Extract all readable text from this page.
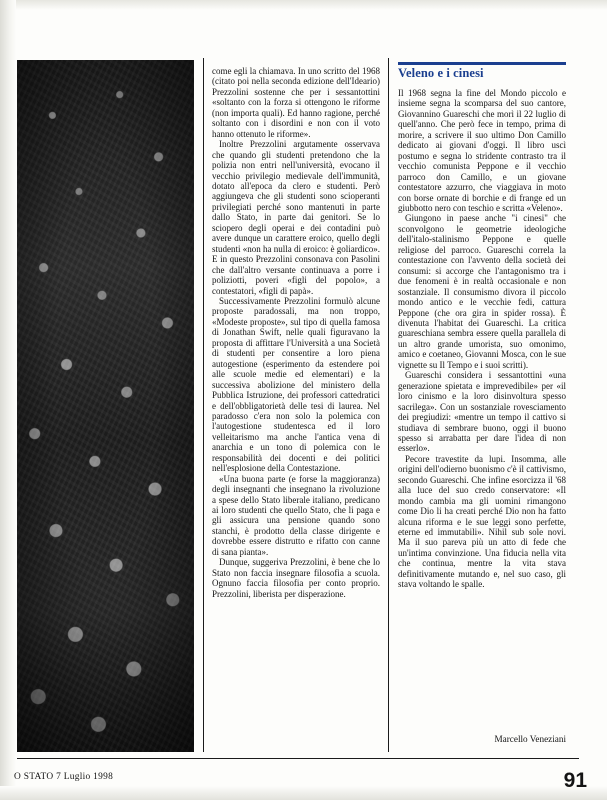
come egli la chiamava. In uno scritto del 1968 (citato poi nella seconda edizione dell'Ideario) Prezzolini sostenne che per i sessantottini «soltanto con la forza si ottengono le riforme (non importa quali). Ed hanno ragione, perché soltanto con i disordini e non con il voto hanno ottenuto le riforme».

Inoltre Prezzolini argutamente osservava che quando gli studenti pretendono che la polizia non entri nell'università, evocano il vecchio privilegio medievale dell'immunità, dotato all'epoca da clero e studenti. Però aggiungeva che gli studenti sono scioperanti privilegiati perché sono mantenuti in parte dallo Stato, in parte dai genitori. Se lo sciopero degli operai e dei contadini può avere dunque un carattere eroico, quello degli studenti «non ha nulla di eroico: è goliardico». E in questo Prezzolini consonava con Pasolini che dall'altro versante continuava a porre i poliziotti, poveri «figli del popolo», a contestatori, «figli di papà».

Successivamente Prezzolini formulò alcune proposte paradossali, ma non troppo, «Modeste proposte», sul tipo di quella famosa di Jonathan Swift, nelle quali figuravano la proposta di affittare l'Università a una Società di studenti per consentire a loro piena autogestione (esperimento da estendere poi alle scuole medie ed elementari) e la successiva abolizione del ministero della Pubblica Istruzione, dei professori cattedratici e dell'obbligatorietà delle tesi di laurea. Nel paradosso c'era non solo la polemica con l'autogestione studentesca ed il loro velleitarismo ma anche l'antica vena di anarchia e un tono di polemica con le responsabilità dei docenti e dei politici nell'esplosione della Contestazione.

«Una buona parte (e forse la maggioranza) degli insegnanti che insegnano la rivoluzione a spese dello Stato liberale italiano, predicano ai loro studenti che quello Stato, che li paga e gli assicura una pensione quando sono stanchi, è prodotto della classe dirigente e dovrebbe essere distrutto e rifatto con canne di sana pianta».

Dunque, suggeriva Prezzolini, è bene che lo Stato non faccia insegnare filosofia a scuola. Ognuno faccia filosofia per conto proprio. Prezzolini, liberista per disperazione.

Veleno e i cinesi

Il 1968 segna la fine del Mondo piccolo e insieme segna la scomparsa del suo cantore, Giovannino Guareschi che morì il 22 luglio di quell'anno. Che però fece in tempo, prima di morire, a scrivere il suo ultimo Don Camillo dedicato ai giovani d'oggi. Il libro uscì postumo e segna lo stridente contrasto tra il vecchio comunista Peppone e il vecchio parroco don Camillo, e un giovane contestatore azzurro, che viaggiava in moto con borse ornate di borchie e di frange ed un giubbotto nero con teschio e scritta «Veleno».

Giungono in paese anche "i cinesi" che sconvolgono le geometrie ideologiche dell'italo-stalinismo Peppone e quelle religiose del parroco. Guareschi correla la contestazione con l'avvento della società dei consumi: si accorge che l'antagonismo tra i due fenomeni è in realtà occasionale e non sostanziale. Il consumismo divora il piccolo mondo antico e le vecchie fedi, cattura Peppone (che ora gira in spider rossa). È divenuta l'habitat dei Guareschi. La critica guareschiana sembra essere quella parallela di un altro grande umorista, suo omonimo, amico e coetaneo, Giovanni Mosca, con le sue vignette su Il Tempo e i suoi scritti).

Guareschi considera i sessantottini «una generazione spietata e imprevedibile» per «il loro cinismo e la loro disinvoltura spesso sacrilega». Con un sostanziale rovesciamento dei pregiudizi: «mentre un tempo il cattivo si studiava di sembrare buono, oggi il buono spesso si arrabatta per dare l'idea di non esserlo».

Pecore travestite da lupi. Insomma, alle origini dell'odierno buonismo c'è il cattivismo, secondo Guareschi. Che infine esorcizza il '68 alla luce del suo credo conservatore: «Il mondo cambia ma gli uomini rimangono come Dio li ha creati perché Dio non ha fatto alcuna riforma e le sue leggi sono perfette, eterne ed immutabili». Nihil sub sole novi. Ma il suo pareva più un atto di fede che un'intima convinzione. Una fiducia nella vita che continua, mentre la vita stava definitivamente mutando e, nel suo caso, gli stava voltando le spalle.

Marcello Veneziani
O STATO 7 Luglio 1998	91
